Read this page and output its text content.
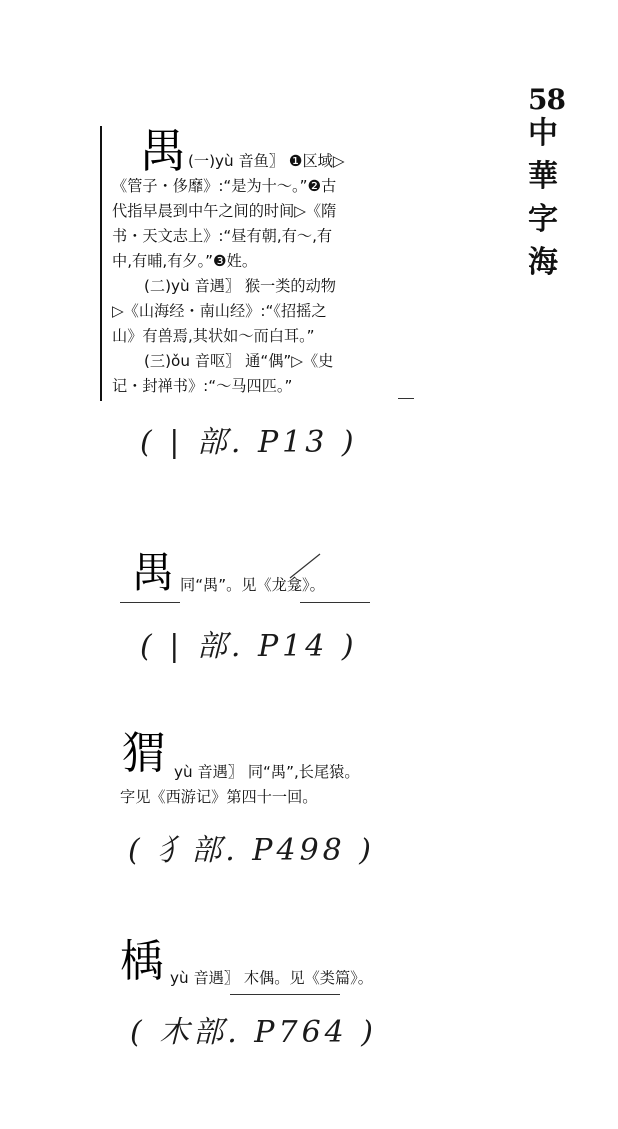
58
中
華
字
海
禺 (一)yù 音鱼〗 ❶区域▷
《管子・侈靡》:“是为十～。”❷古
代指早晨到中午之间的时间▷《隋
书・天文志上》:“昼有朝,有～,有
中,有晡,有夕。”❸姓。
(二)yù 音遇〗 猴一类的动物
▷《山海经・南山经》:“《招摇之
山》有兽焉,其状如～而白耳。”
(三)ǒu 音呕〗 通“偶”▷《史
记・封禅书》:“～马四匹。”
( | 部. P13 )
禺 同“禺”。见《龙龛》。
( | 部. P14 )
猬 yù 音遇〗 同“禺”,长尾猿。
字见《西游记》第四十一回。
( 犭部. P498 )
楀 yù 音遇〗 木偶。见《类篇》。
( 木部. P764 )
